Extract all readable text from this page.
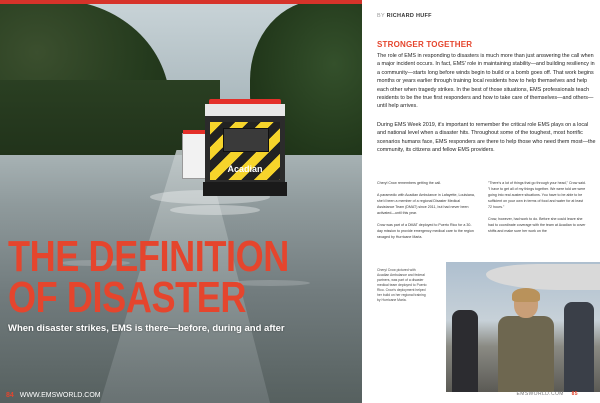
Acadian
THE DEFINITION
OF DISASTER

When disaster strikes, EMS is there—before, during and after

84 WWW.EMSWORLD.COM
BY RICHARD HUFF
STRONGER TOGETHER

The role of EMS in responding to disasters is much more than just answering the call when a major incident occurs. In fact, EMS' role in maintaining stability—and building resiliency in a community—starts long before winds begin to build or a bomb goes off. That work begins months or years earlier through training local residents how to help themselves and help each other when tragedy strikes. In the best of those situations, EMS professionals teach residents to be the true first responders and how to take care of themselves—and others—until help arrives.

During EMS Week 2019, it's important to remember the critical role EMS plays on a local and national level when a disaster hits. Throughout some of the toughest, most horrific scenarios humans face, EMS responders are there to help those who need them most—the community, its citizens and fellow EMS providers.

Cheryl Crow remembers getting the call.

A paramedic with Acadian Ambulance in Lafayette, Louisiana, she'd been a member of a regional Disaster Medical Assistance Team (DMAT) since 2011, but had never been activated—until this year.

Crow was part of a DMAT deployed to Puerto Rico for a 30-day mission to provide emergency medical care to the region ravaged by Hurricane Maria.

"There's a lot of things that go through your head," Crow said. "I have to get all of my things together. We were told we were going into real austere situations. You have to be able to be sufficient on your own in terms of food and water for at least 72 hours."

Crow, however, had work to do. Before she could leave she had to coordinate coverage with the team at Acadian to cover shifts and make sure her work on the

Cheryl Crow pictured with Acadian Ambulance and federal partners, was part of a disaster medical team deployed to Puerto Rico. Crow's deployment helped her build on her regional training by Hurricane Maria.
EMSWORLD.COM 85
